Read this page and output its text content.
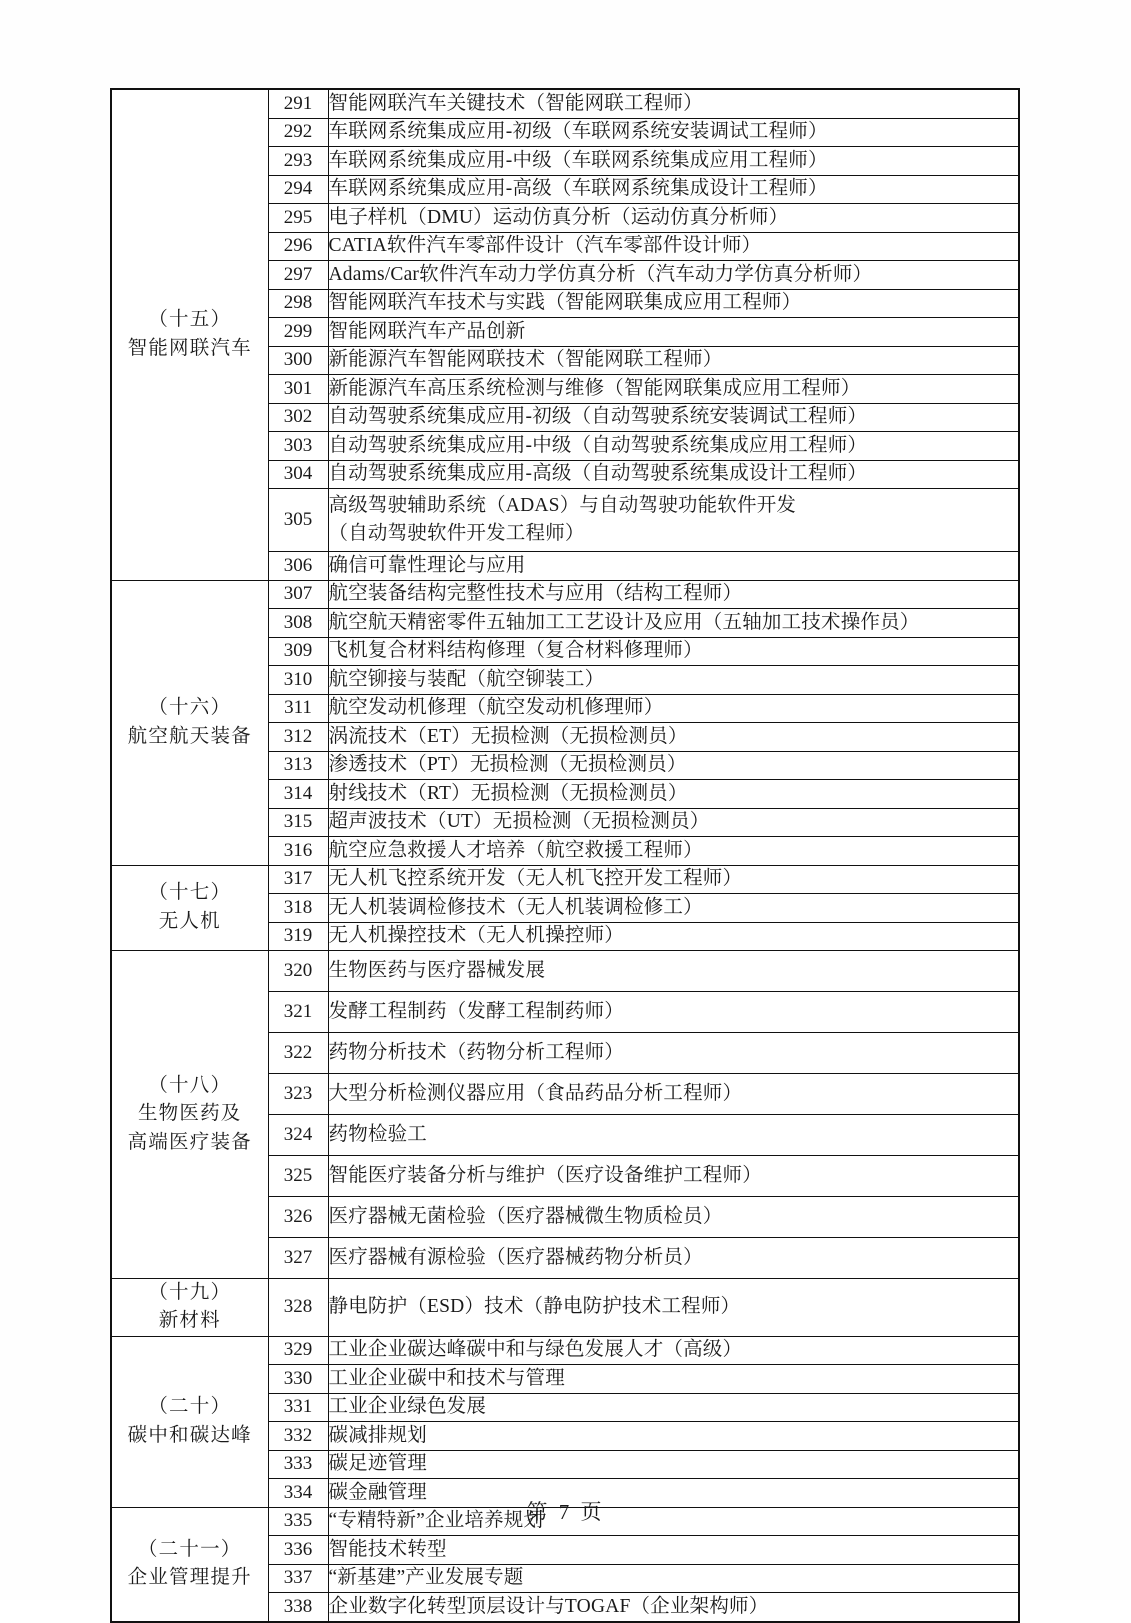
（十五）
智能网联汽车	291	智能网联汽车关键技术（智能网联工程师）
	292	车联网系统集成应用-初级（车联网系统安装调试工程师）
	293	车联网系统集成应用-中级（车联网系统集成应用工程师）
	294	车联网系统集成应用-高级（车联网系统集成设计工程师）
	295	电子样机（DMU）运动仿真分析（运动仿真分析师）
	296	CATIA软件汽车零部件设计（汽车零部件设计师）
	297	Adams/Car软件汽车动力学仿真分析（汽车动力学仿真分析师）
	298	智能网联汽车技术与实践（智能网联集成应用工程师）
	299	智能网联汽车产品创新
	300	新能源汽车智能网联技术（智能网联工程师）
	301	新能源汽车高压系统检测与维修（智能网联集成应用工程师）
	302	自动驾驶系统集成应用-初级（自动驾驶系统安装调试工程师）
	303	自动驾驶系统集成应用-中级（自动驾驶系统集成应用工程师）
	304	自动驾驶系统集成应用-高级（自动驾驶系统集成设计工程师）
	305	高级驾驶辅助系统（ADAS）与自动驾驶功能软件开发
（自动驾驶软件开发工程师）

	306	确信可靠性理论与应用

（十六）
航空航天装备	307	航空装备结构完整性技术与应用（结构工程师）
	308	航空航天精密零件五轴加工工艺设计及应用（五轴加工技术操作员）
	309	飞机复合材料结构修理（复合材料修理师）
	310	航空铆接与装配（航空铆装工）
	311	航空发动机修理（航空发动机修理师）
	312	涡流技术（ET）无损检测（无损检测员）
	313	渗透技术（PT）无损检测（无损检测员）
	314	射线技术（RT）无损检测（无损检测员）
	315	超声波技术（UT）无损检测（无损检测员）
	316	航空应急救援人才培养（航空救援工程师）

（十七）
无人机	317	无人机飞控系统开发（无人机飞控开发工程师）
	318	无人机装调检修技术（无人机装调检修工）
	319	无人机操控技术（无人机操控师）

（十八）
生物医药及
高端医疗装备	320	生物医药与医疗器械发展
	321	发酵工程制药（发酵工程制药师）
	322	药物分析技术（药物分析工程师）
	323	大型分析检测仪器应用（食品药品分析工程师）
	324	药物检验工
	325	智能医疗装备分析与维护（医疗设备维护工程师）
	326	医疗器械无菌检验（医疗器械微生物质检员）
	327	医疗器械有源检验（医疗器械药物分析员）

（十九）
新材料	328	静电防护（ESD）技术（静电防护技术工程师）

（二十）
碳中和碳达峰	329	工业企业碳达峰碳中和与绿色发展人才（高级）
	330	工业企业碳中和技术与管理
	331	工业企业绿色发展
	332	碳减排规划
	333	碳足迹管理
	334	碳金融管理

（二十一）
企业管理提升	335	“专精特新”企业培养规划
	336	智能技术转型
	337	“新基建”产业发展专题
	338	企业数字化转型顶层设计与TOGAF（企业架构师）
第 7 页
